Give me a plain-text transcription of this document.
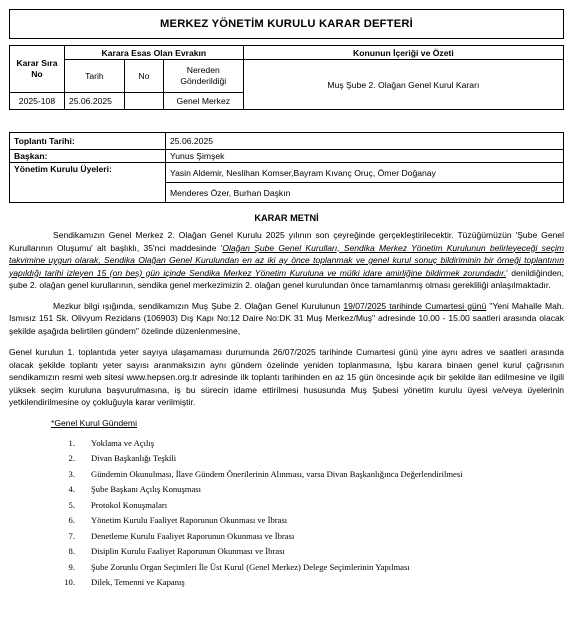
MERKEZ YÖNETİM KURULU KARAR DEFTERİ
Karar Sıra No	Karara Esas Olan Evrakın			Konunun İçeriği ve Özeti
	Tarih	No	Nereden Gönderildiği	Muş Şube 2. Olağan Genel Kurul Kararı
2025-108	25.06.2025		Genel Merkez	
Toplantı Tarihi:	25.06.2025
Başkan:	Yunus Şimşek
Yönetim Kurulu Üyeleri:	Yasin Aldemir, Neslihan Komser,Bayram Kıvanç Oruç, Ömer Doğanay
	Menderes Özer, Burhan Daşkın
KARAR METNİ

Sendikamızın Genel Merkez 2. Olağan Genel Kurulu 2025 yılının son çeyreğinde gerçekleştirilecektir. Tüzüğümüzün 'Şube Genel Kurullarının Oluşumu' alt başlıklı, 35'nci maddesinde 'Olağan Şube Genel Kurulları, Sendika Merkez Yönetim Kurulunun belirleyeceği seçim takvimine uygun olarak, Sendika Olağan Genel Kurulundan en az iki ay önce toplanmak ve genel kurul sonuç bildiriminin bir örneği toplantının yapıldığı tarihi izleyen 15 (on beş) gün içinde Sendika Merkez Yönetim Kuruluna ve mülki idare amirliğine bildirmek zorundadır.' denildiğinden, şube 2. olağan genel kurullarının, sendika genel merkezimizin 2. olağan genel kurulundan önce tamamlanmış olması gerekliliği anlaşılmaktadır.

Mezkur bilgi ışığında, sendikamızın Muş Şube 2. Olağan Genel Kurulunun 19/07/2025 tarihinde Cumartesi günü "Yeni Mahalle Mah. Ismısız 151 Sk. Olivyum Rezidans (106903) Dış Kapı No:12 Daire No:DK 31 Muş Merkez/Muş" adresinde 10.00 - 15.00 saatleri arasında olacak şekilde aşağıda belirtilen gündem" özelinde düzenlenmesine,

Genel kurulun 1. toplantıda yeter sayıya ulaşamaması durumunda 26/07/2025 tarihinde Cumartesi günü yine aynı adres ve saatleri arasında olacak şekilde toplantı yeter sayısı aranmaksızın aynı gündem özelinde yeniden toplanmasına, İşbu karara binaen genel kurul çağrısının sendikamızın resmi web sitesi www.hepsen.org.tr adresinde ilk toplantı tarihinden en az 15 gün öncesinde açık bir şekilde ilan edilmesine ve ilgili yüksek seçim kuruluna başvurulmasına, iş bu sürecin idame ettirilmesi hususunda Muş Şubesi yönetim kurulu üyesi ve/veya üyelerinin yetkilendirilmesine oy çokluğuyla karar verilmiştir.

*Genel Kurul Gündemi
1. Yoklama ve Açılış
2. Divan Başkanlığı Teşkili
3. Gündemin Okunulması, İlave Gündem Önerilerinin Alınması, varsa Divan Başkanlığınca Değerlendirilmesi
4. Şube Başkanı Açılış Konuşması
5. Protokol Konuşmaları
6. Yönetim Kurulu Faaliyet Raporunun Okunması ve İbrası
7. Denetleme Kurulu Faaliyet Raporunun Okunması ve İbrası
8. Disiplin Kurulu Faaliyet Raporunun Okunması ve İbrası
9. Şube Zorunlu Organ Seçimleri İle Üst Kurul (Genel Merkez) Delege Seçimlerinin Yapılması
10. Dilek, Temenni ve Kapanış
